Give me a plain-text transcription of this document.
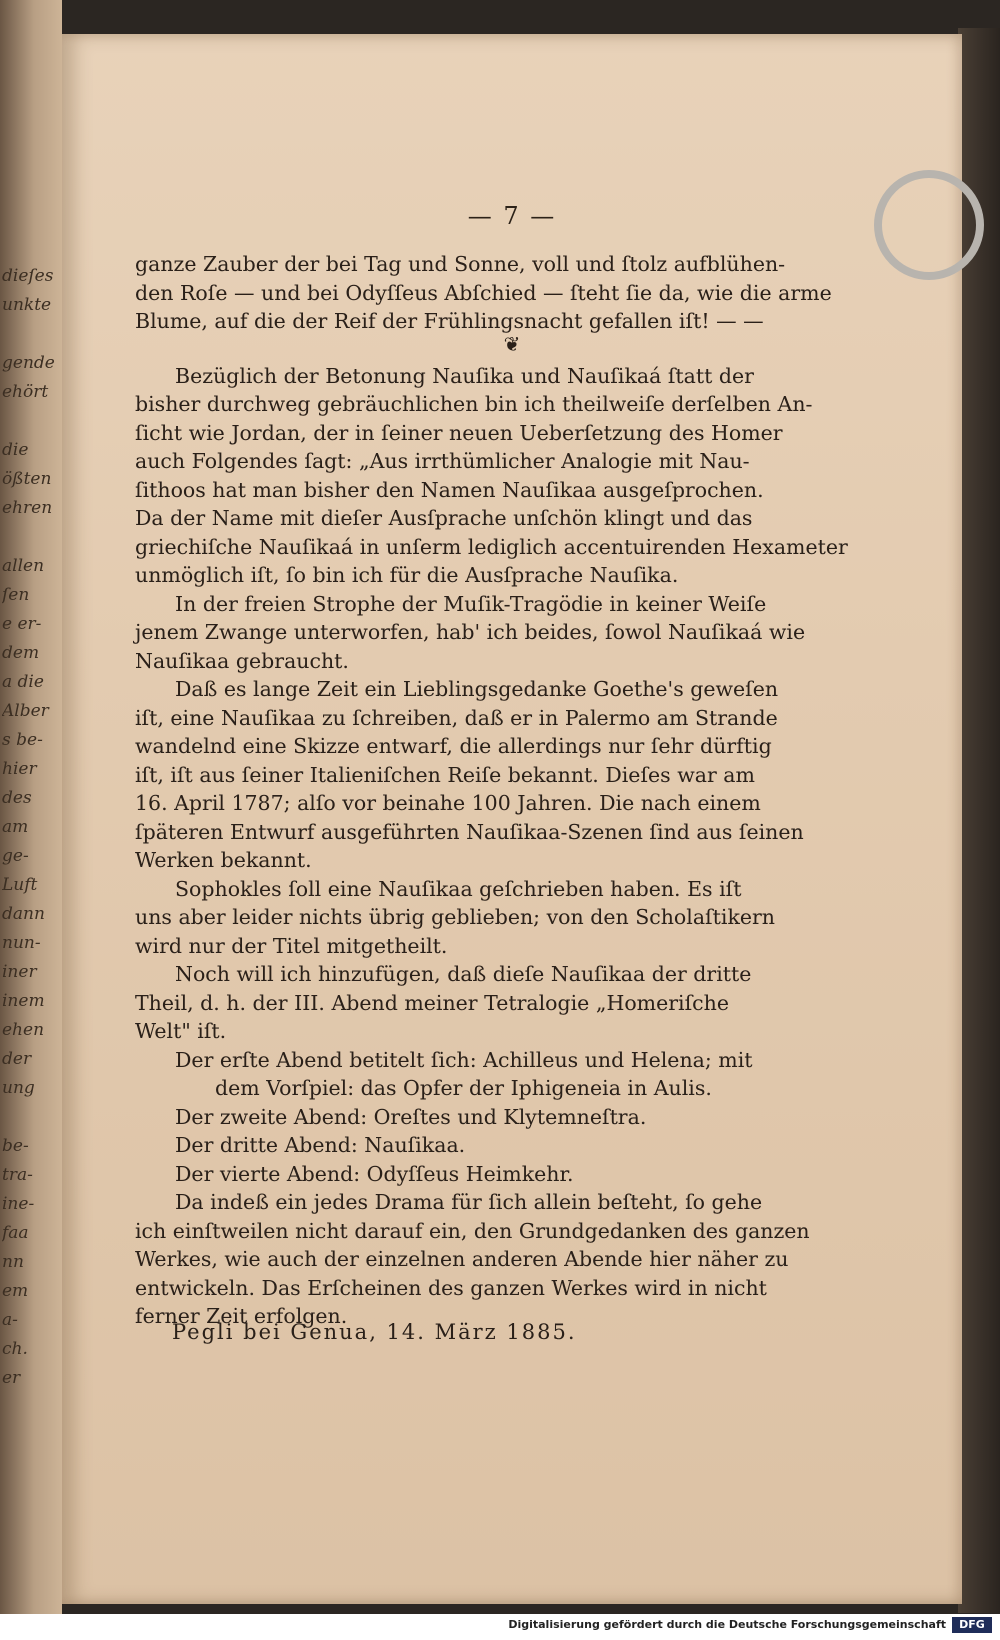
dieſes
unkte
gende
ehört
die
ößten
ehren
allen
ſen
e er-
dem
a die
Alber
s be-
hier
des
am
ge-
Luft
dann
nun-
iner
inem
ehen
der
ung
be-
tra-
ine-
faa
nn
em
a-
ch.
er
— 7 —
❦
ganze Zauber der bei Tag und Sonne, voll und ſtolz aufblühen-
den Roſe — und bei Odyſſeus Abſchied — ſteht ſie da, wie die arme
Blume, auf die der Reif der Frühlingsnacht gefallen iſt! — —
Bezüglich der Betonung Nauſika und Nauſikaá ſtatt der
bisher durchweg gebräuchlichen bin ich theilweiſe derſelben An-
ſicht wie Jordan, der in ſeiner neuen Ueberſetzung des Homer
auch Folgendes ſagt: „Aus irrthümlicher Analogie mit Nau-
ſithoos hat man bisher den Namen Nauſikaa ausgeſprochen.
Da der Name mit dieſer Ausſprache unſchön klingt und das
griechiſche Nauſikaá in unſerm lediglich accentuirenden Hexameter
unmöglich iſt, ſo bin ich für die Ausſprache Nauſika.
In der freien Strophe der Muſik-Tragödie in keiner Weiſe
jenem Zwange unterworfen, hab' ich beides, ſowol Nauſikaá wie
Nauſikaa gebraucht.
Daß es lange Zeit ein Lieblingsgedanke Goethe's geweſen
iſt, eine Nauſikaa zu ſchreiben, daß er in Palermo am Strande
wandelnd eine Skizze entwarf, die allerdings nur ſehr dürftig
iſt, iſt aus ſeiner Italieniſchen Reiſe bekannt. Dieſes war am
16. April 1787; alſo vor beinahe 100 Jahren. Die nach einem
ſpäteren Entwurf ausgeführten Nauſikaa-Szenen ſind aus ſeinen
Werken bekannt.
Sophokles ſoll eine Nauſikaa geſchrieben haben. Es iſt
uns aber leider nichts übrig geblieben; von den Scholaſtikern
wird nur der Titel mitgetheilt.
Noch will ich hinzufügen, daß dieſe Nauſikaa der dritte
Theil, d. h. der III. Abend meiner Tetralogie „Homeriſche
Welt" iſt.
Der erſte Abend betitelt ſich: Achilleus und Helena; mit
dem Vorſpiel: das Opfer der Iphigeneia in Aulis.
Der zweite Abend: Oreſtes und Klytemneſtra.
Der dritte Abend: Nauſikaa.
Der vierte Abend: Odyſſeus Heimkehr.
Da indeß ein jedes Drama für ſich allein beſteht, ſo gehe
ich einſtweilen nicht darauf ein, den Grundgedanken des ganzen
Werkes, wie auch der einzelnen anderen Abende hier näher zu
entwickeln. Das Erſcheinen des ganzen Werkes wird in nicht
ferner Zeit erfolgen.
Pegli bei Genua, 14. März 1885.
Digitalisierung gefördert durch die Deutsche Forschungsgemeinschaft	DFG
